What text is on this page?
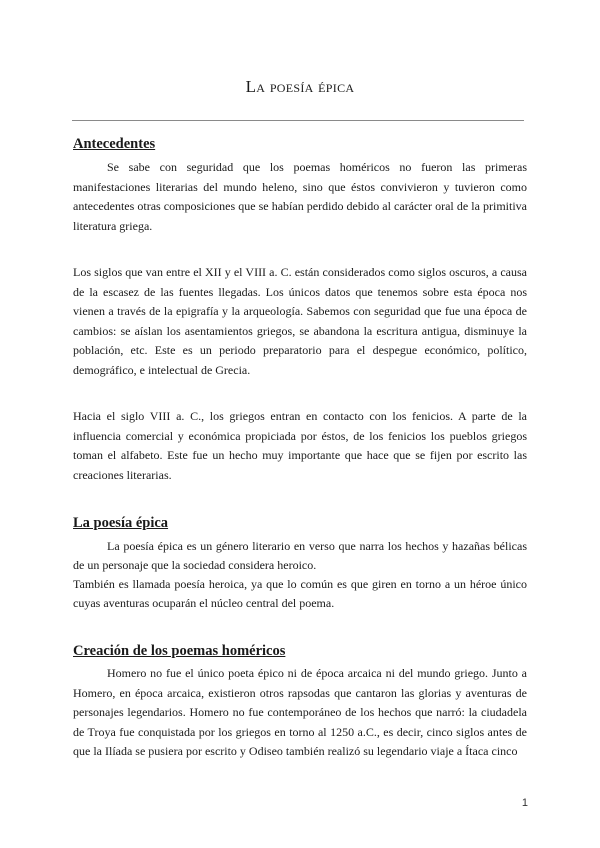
La poesía épica
Antecedentes

Se sabe con seguridad que los poemas homéricos no fueron las primeras manifestaciones literarias del mundo heleno, sino que éstos convivieron y tuvieron como antecedentes otras composiciones que se habían perdido debido al carácter oral de la primitiva literatura griega.

Los siglos que van entre el XII y el VIII a. C. están considerados como siglos oscuros, a causa de la escasez de las fuentes llegadas. Los únicos datos que tenemos sobre esta época nos vienen a través de la epigrafía y la arqueología. Sabemos con seguridad que fue una época de cambios: se aíslan los asentamientos griegos, se abandona la escritura antigua, disminuye la población, etc. Este es un periodo preparatorio para el despegue económico, político, demográfico, e intelectual de Grecia.

Hacia el siglo VIII a. C., los griegos entran en contacto con los fenicios. A parte de la influencia comercial y económica propiciada por éstos, de los fenicios los pueblos griegos toman el alfabeto. Este fue un hecho muy importante que hace que se fijen por escrito las creaciones literarias.

La poesía épica

La poesía épica es un género literario en verso que narra los hechos y hazañas bélicas de un personaje que la sociedad considera heroico.

También es llamada poesía heroica, ya que lo común es que giren en torno a un héroe único cuyas aventuras ocuparán el núcleo central del poema.

Creación de los poemas homéricos

Homero no fue el único poeta épico ni de época arcaica ni del mundo griego. Junto a Homero, en época arcaica, existieron otros rapsodas que cantaron las glorias y aventuras de personajes legendarios. Homero no fue contemporáneo de los hechos que narró: la ciudadela de Troya fue conquistada por los griegos en torno al 1250 a.C., es decir, cinco siglos antes de que la Ilíada se pusiera por escrito y Odiseo también realizó su legendario viaje a Ítaca cinco

1
